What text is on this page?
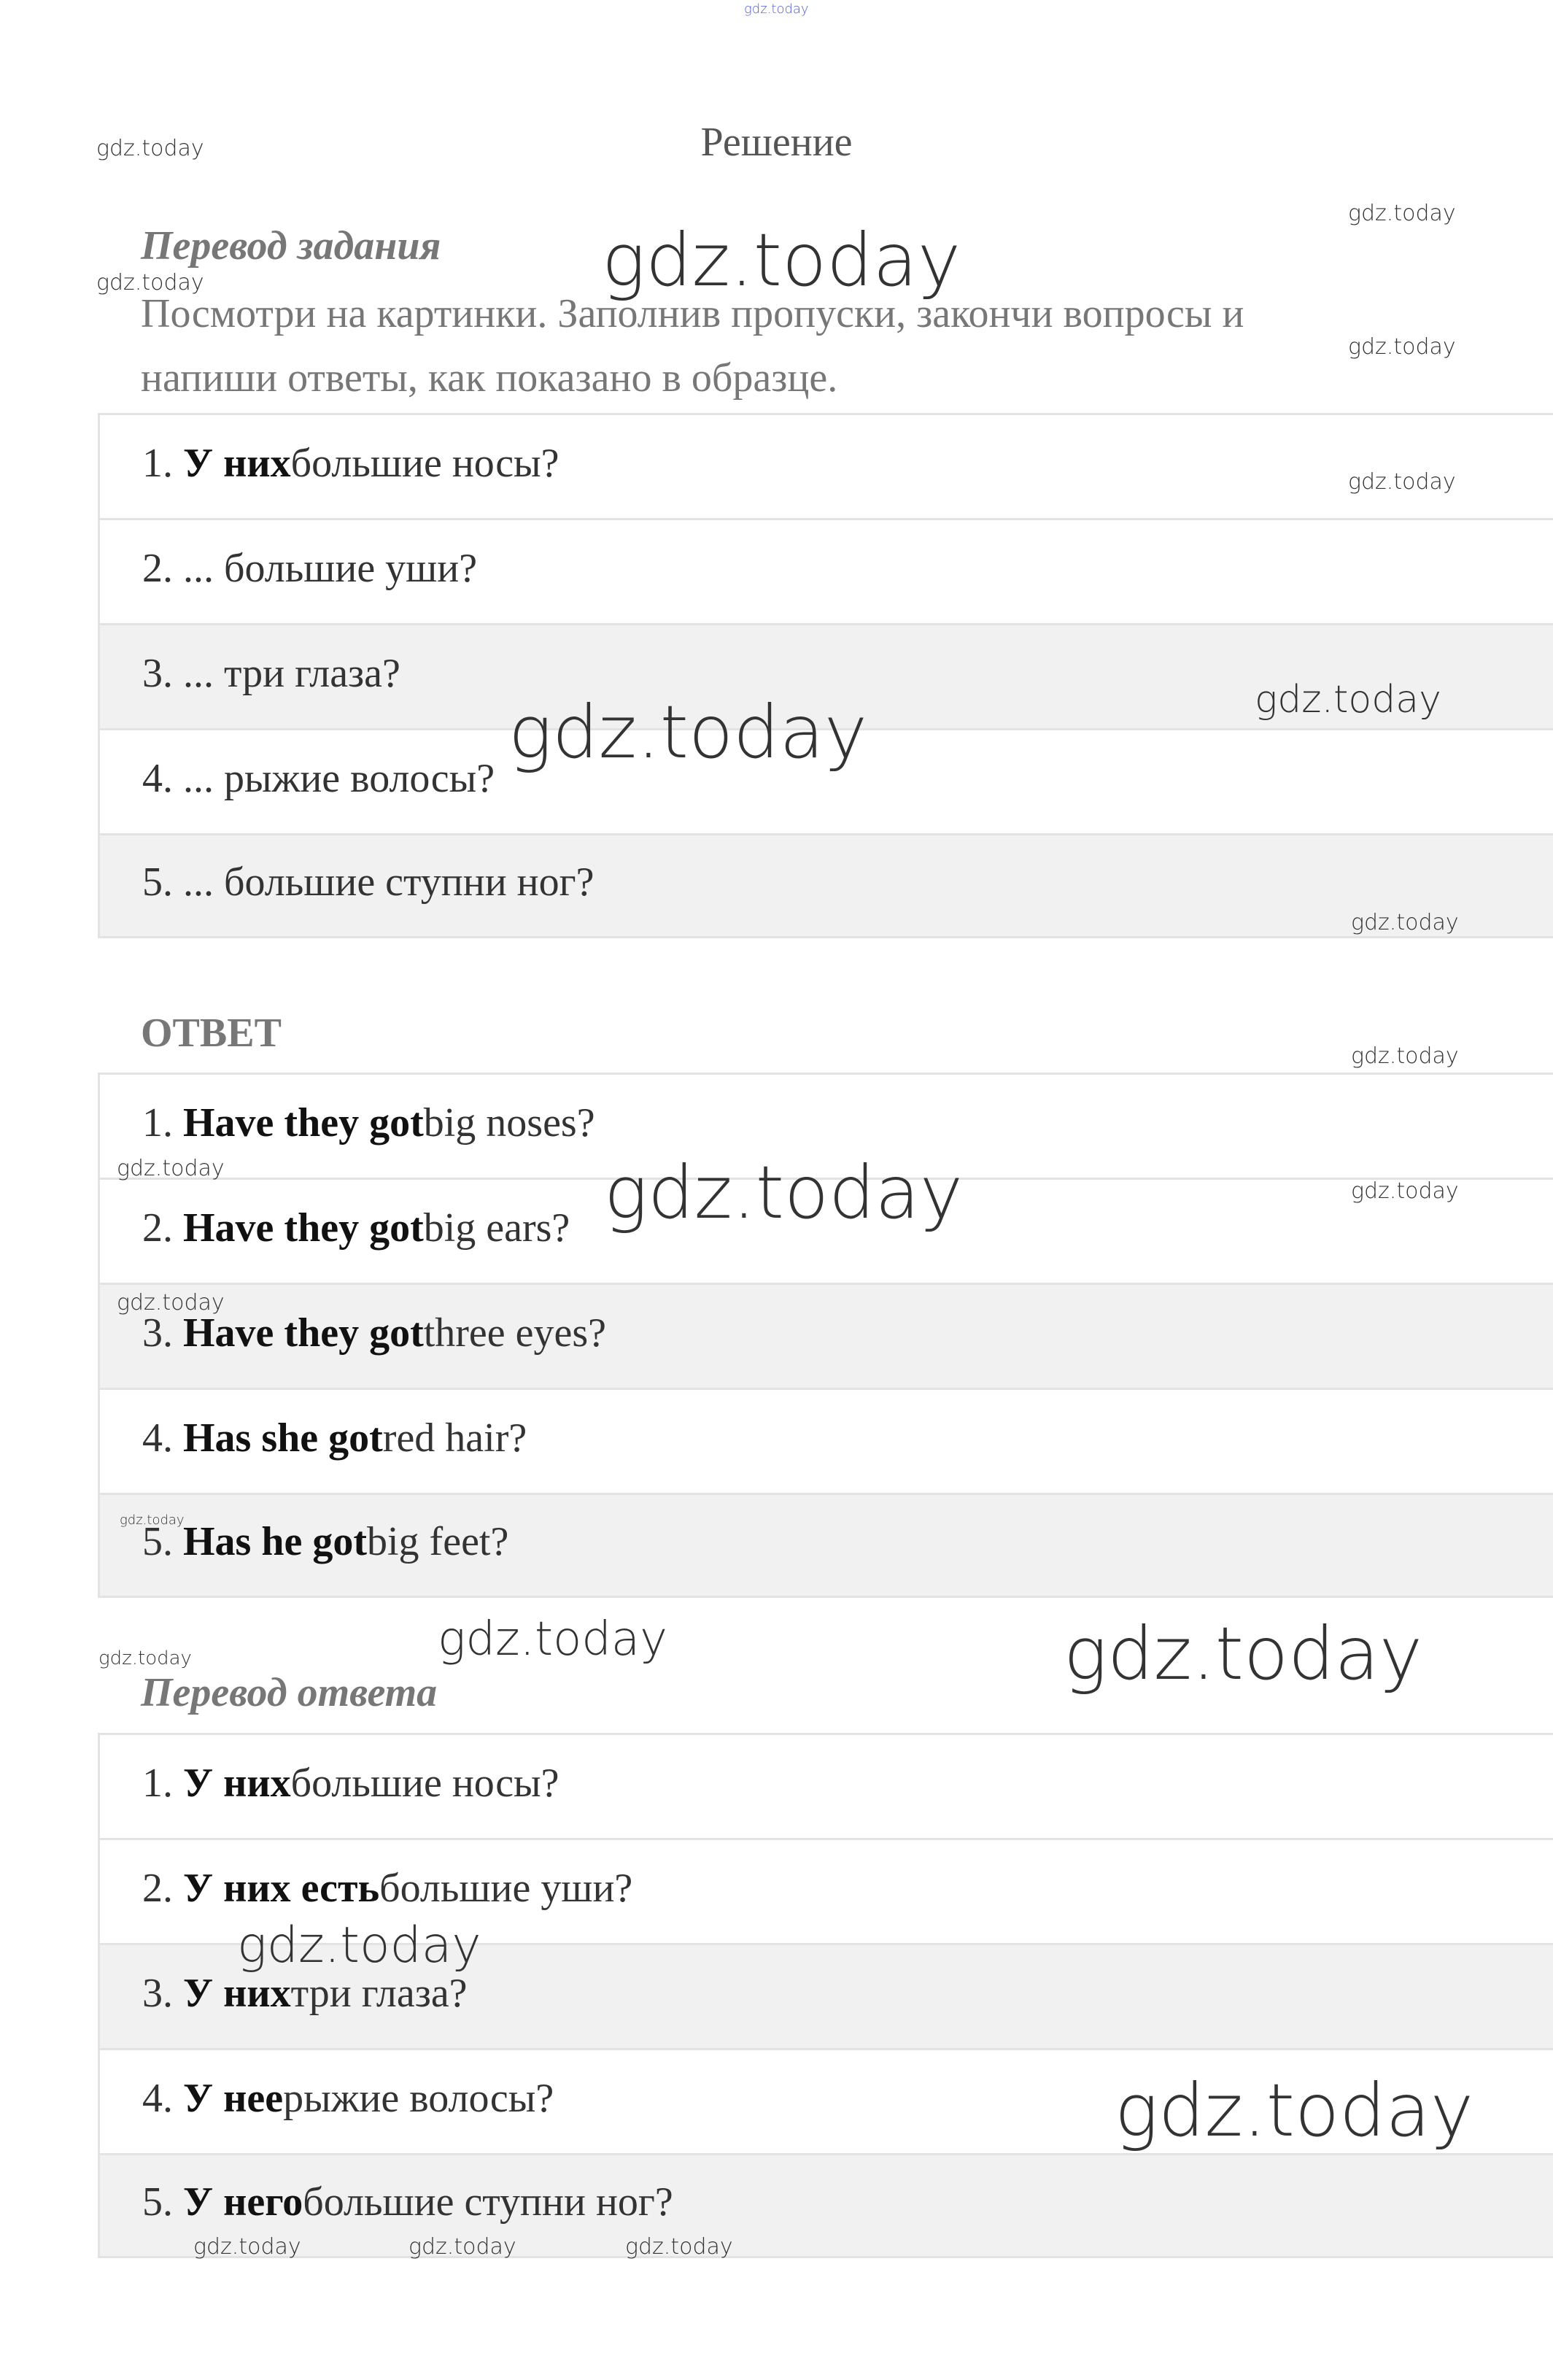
Решение
Перевод задания
Посмотри на картинки. Заполнив пропуски, закончи вопросы и напиши ответы, как показано в образце.
1.
У них большие носы?
2.
... большие уши?
3.
... три глаза?
4.
... рыжие волосы?
5.
... большие ступни ног?
ОТВЕТ
1.
Have they got big noses?
2.
Have they got big ears?
3.
Have they got three eyes?
4.
Has she got red hair?
5.
Has he got big feet?
Перевод ответа
1.
У них большие носы?
2.
У них есть большие уши?
3.
У них три глаза?
4.
У нее рыжие волосы?
5.
У него большие ступни ног?
gdz.today
gdz.today
gdz.today
gdz.today
gdz.today
gdz.today
gdz.today
gdz.today
gdz.today
gdz.today
gdz.today
gdz.today
gdz.today
gdz.today	gdz.today	gdz.today
gdz.today
gdz.today
gdz.today
gdz.today
gdz.today
gdz.today
gdz.today
gdz.today
